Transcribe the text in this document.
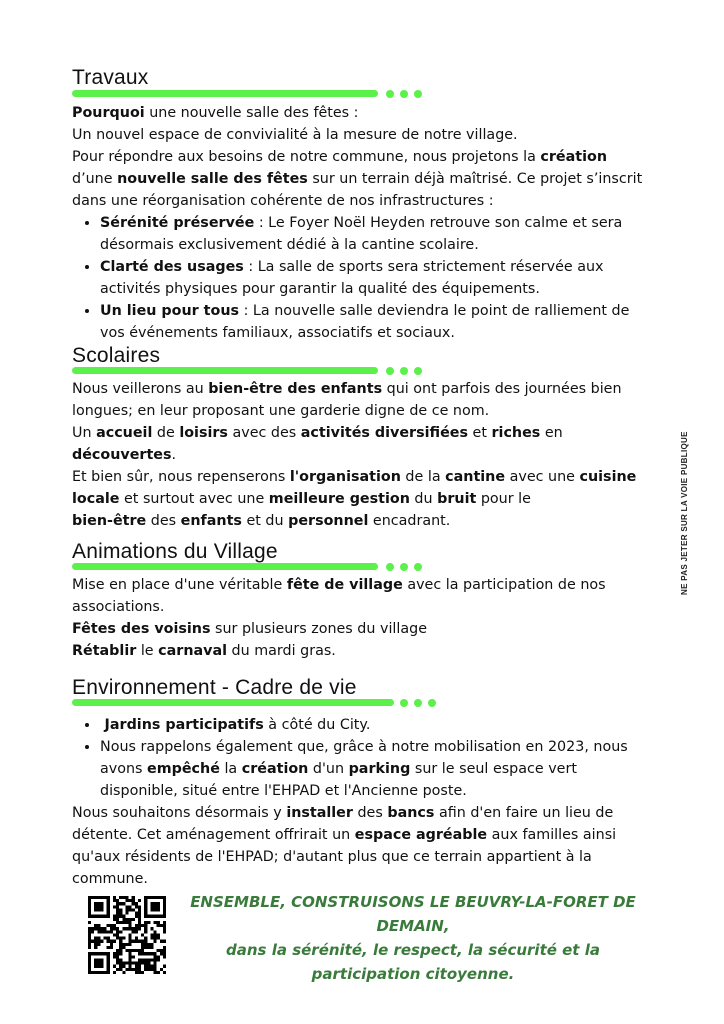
Travaux

Pourquoi une nouvelle salle des fêtes :

Un nouvel espace de convivialité à la mesure de notre village.

Pour répondre aux besoins de notre commune, nous projetons la création d’une nouvelle salle des fêtes sur un terrain déjà maîtrisé. Ce projet s’inscrit dans une réorganisation cohérente de nos infrastructures :

• Sérénité préservée : Le Foyer Noël Heyden retrouve son calme et sera désormais exclusivement dédié à la cantine scolaire.
• Clarté des usages : La salle de sports sera strictement réservée aux activités physiques pour garantir la qualité des équipements.
• Un lieu pour tous : La nouvelle salle deviendra le point de ralliement de vos événements familiaux, associatifs et sociaux.
Scolaires

Nous veillerons au bien-être des enfants qui ont parfois des journées bien longues; en leur proposant une garderie digne de ce nom.

Un accueil de loisirs avec des activités diversifiées et riches en découvertes.

Et bien sûr, nous repenserons l'organisation de la cantine avec une cuisine locale et surtout avec une meilleure gestion du bruit pour le

bien-être des enfants et du personnel encadrant.

Animations du Village

Mise en place d'une véritable fête de village avec la participation de nos associations.

Fêtes des voisins sur plusieurs zones du village

Rétablir le carnaval du mardi gras.

Environnement - Cadre de vie
• Jardins participatifs à côté du City.
• Nous rappelons également que, grâce à notre mobilisation en 2023, nous avons empêché la création d'un parking sur le seul espace vert disponible, situé entre l'EHPAD et l'Ancienne poste.

Nous souhaitons désormais y installer des bancs afin d'en faire un lieu de détente. Cet aménagement offrirait un espace agréable aux familles ainsi qu'aux résidents de l'EHPAD; d'autant plus que ce terrain appartient à la commune.

ENSEMBLE, CONSTRUISONS LE BEUVRY-LA-FORET DE DEMAIN,
dans la sérénité, le respect, la sécurité et la participation citoyenne.
NE PAS JETER SUR LA VOIE PUBLIQUE
